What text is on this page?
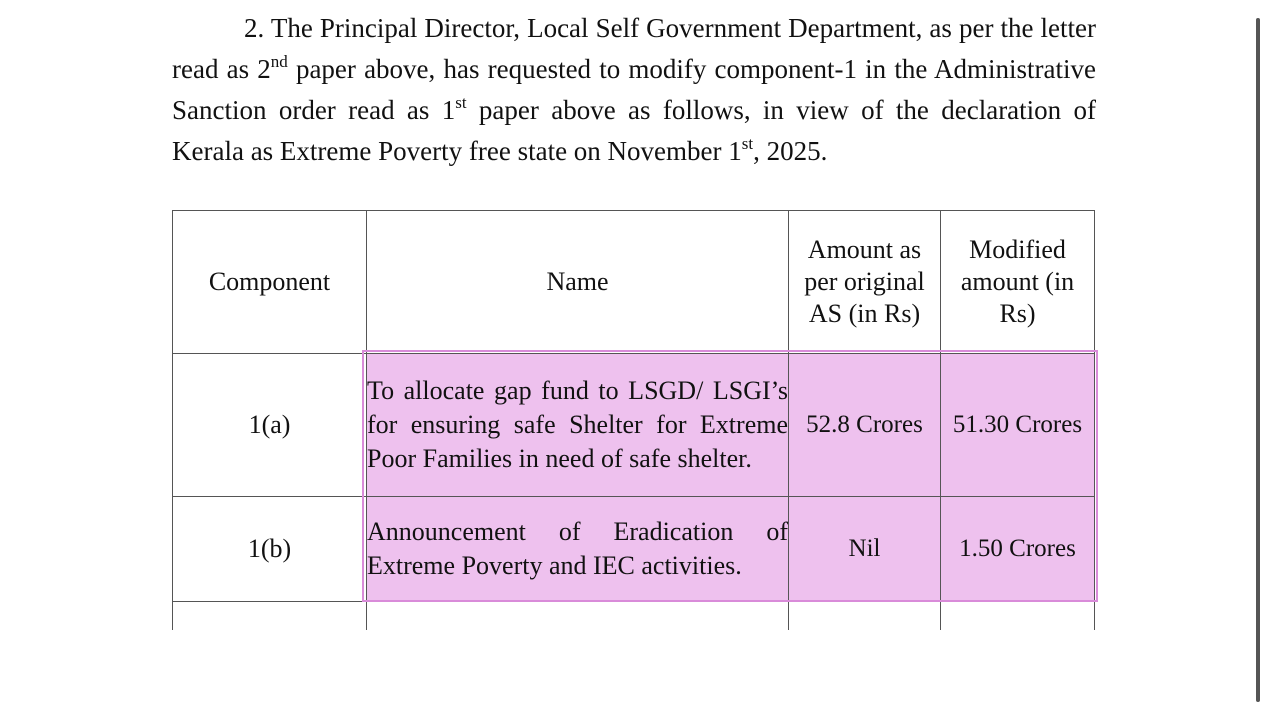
2. The Principal Director, Local Self Government Department, as per the letter read as 2nd paper above, has requested to modify component-1 in the Administrative Sanction order read as 1st paper above as follows, in view of the declaration of Kerala as Extreme Poverty free state on November 1st, 2025.

Component	Name	Amount as per original AS (in Rs)	Modified amount (in Rs)
1(a)	To allocate gap fund to LSGD/ LSGI’s for ensuring safe Shelter for Extreme Poor Families in need of safe shelter.	52.8 Crores	51.30 Crores
1(b)	Announcement of Eradication of Extreme Poverty and IEC activities.	Nil	1.50 Crores
